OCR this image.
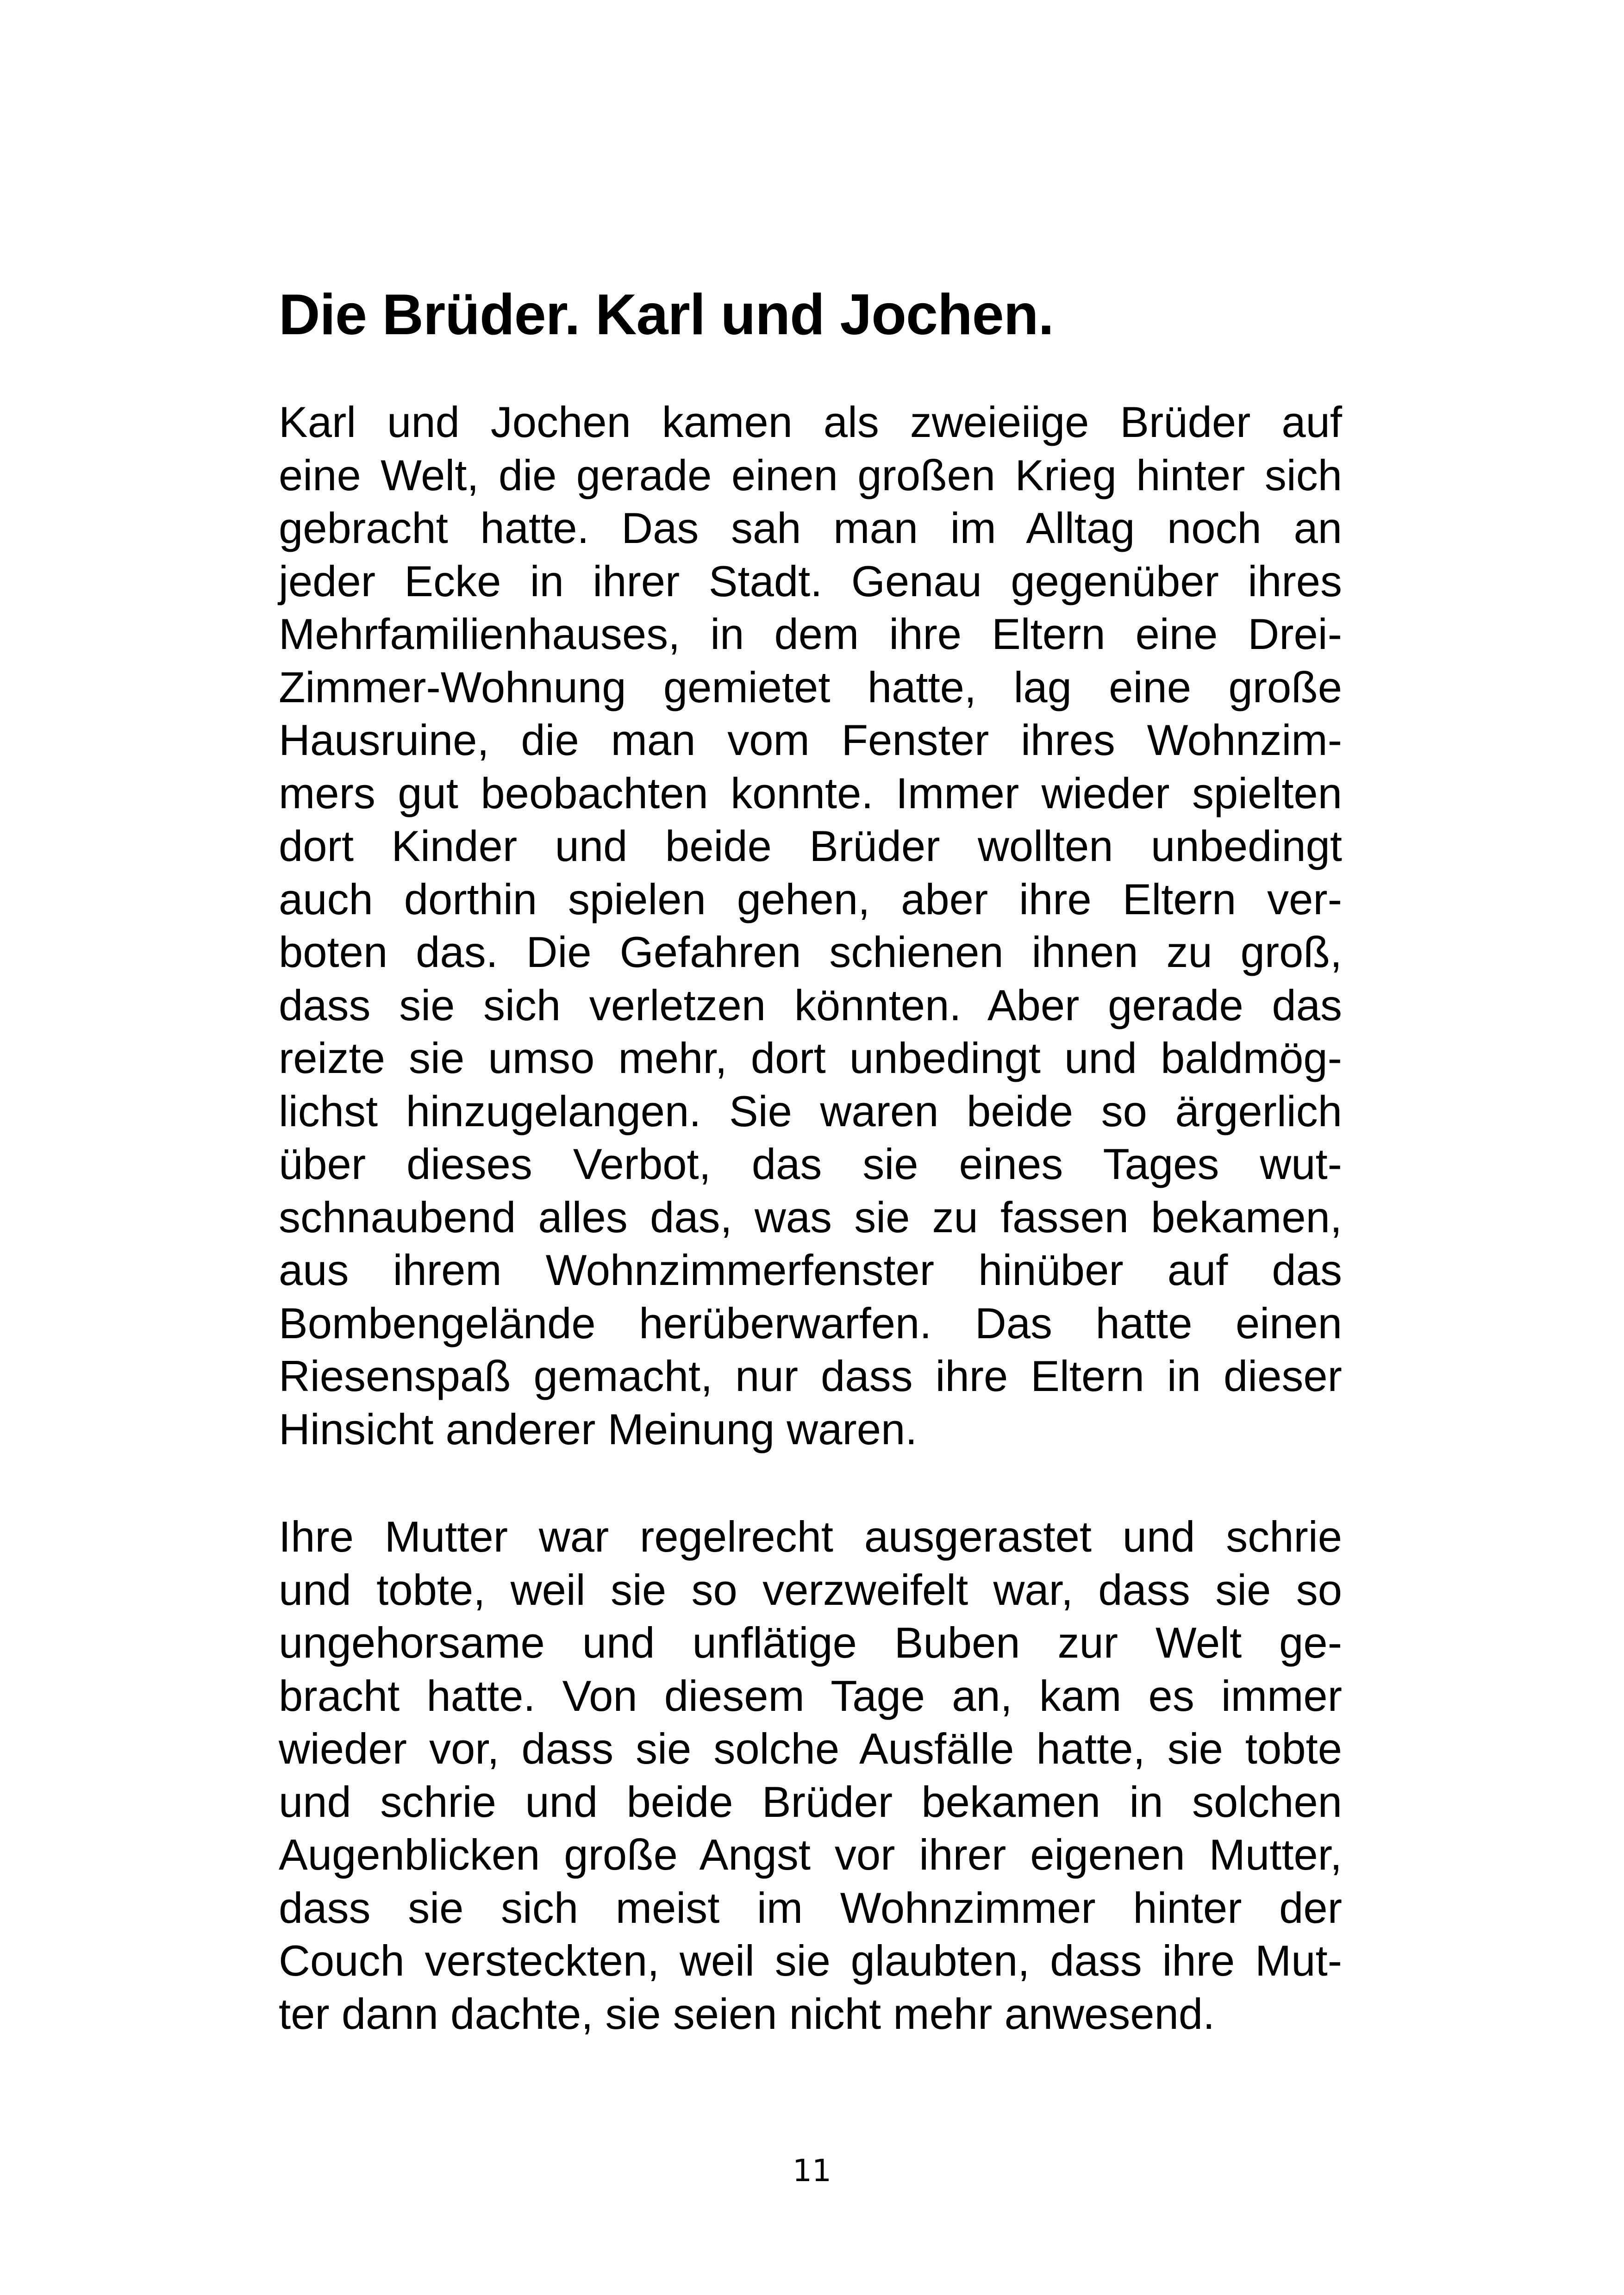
Die Brüder. Karl und Jochen.
Karl und Jochen kamen als zweieiige Brüder auf
eine Welt, die gerade einen großen Krieg hinter sich
gebracht hatte. Das sah man im Alltag noch an
jeder Ecke in ihrer Stadt. Genau gegenüber ihres
Mehrfamilienhauses, in dem ihre Eltern eine Drei-
Zimmer-Wohnung gemietet hatte, lag eine große
Hausruine, die man vom Fenster ihres Wohnzim-
mers gut beobachten konnte. Immer wieder spielten
dort Kinder und beide Brüder wollten unbedingt
auch dorthin spielen gehen, aber ihre Eltern ver-
boten das. Die Gefahren schienen ihnen zu groß,
dass sie sich verletzen könnten. Aber gerade das
reizte sie umso mehr, dort unbedingt und baldmög-
lichst hinzugelangen. Sie waren beide so ärgerlich
über dieses Verbot, das sie eines Tages wut-
schnaubend alles das, was sie zu fassen bekamen,
aus ihrem Wohnzimmerfenster hinüber auf das
Bombengelände herüberwarfen. Das hatte einen
Riesenspaß gemacht, nur dass ihre Eltern in dieser
Hinsicht anderer Meinung waren.
Ihre Mutter war regelrecht ausgerastet und schrie
und tobte, weil sie so verzweifelt war, dass sie so
ungehorsame und unflätige Buben zur Welt ge-
bracht hatte. Von diesem Tage an, kam es immer
wieder vor, dass sie solche Ausfälle hatte, sie tobte
und schrie und beide Brüder bekamen in solchen
Augenblicken große Angst vor ihrer eigenen Mutter,
dass sie sich meist im Wohnzimmer hinter der
Couch versteckten, weil sie glaubten, dass ihre Mut-
ter dann dachte, sie seien nicht mehr anwesend.
11
